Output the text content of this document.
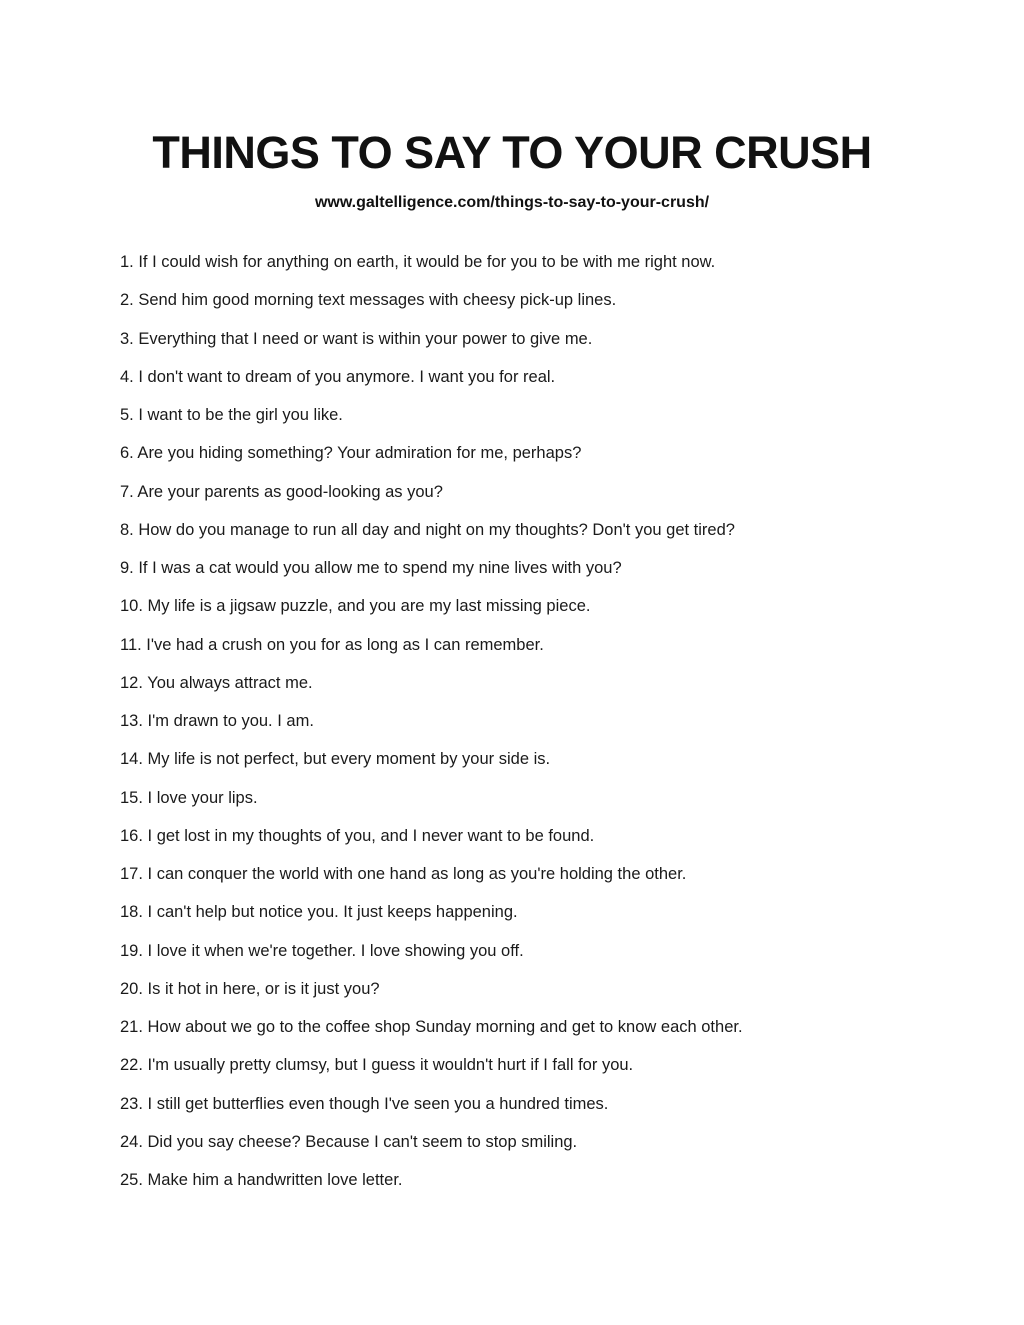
THINGS TO SAY TO YOUR CRUSH
www.galtelligence.com/things-to-say-to-your-crush/
1. If I could wish for anything on earth, it would be for you to be with me right now.
2. Send him good morning text messages with cheesy pick-up lines.
3. Everything that I need or want is within your power to give me.
4. I don't want to dream of you anymore. I want you for real.
5. I want to be the girl you like.
6. Are you hiding something? Your admiration for me, perhaps?
7. Are your parents as good-looking as you?
8. How do you manage to run all day and night on my thoughts? Don't you get tired?
9. If I was a cat would you allow me to spend my nine lives with you?
10. My life is a jigsaw puzzle, and you are my last missing piece.
11. I've had a crush on you for as long as I can remember.
12. You always attract me.
13. I'm drawn to you. I am.
14. My life is not perfect, but every moment by your side is.
15. I love your lips.
16. I get lost in my thoughts of you, and I never want to be found.
17. I can conquer the world with one hand as long as you're holding the other.
18. I can't help but notice you. It just keeps happening.
19. I love it when we're together. I love showing you off.
20. Is it hot in here, or is it just you?
21. How about we go to the coffee shop Sunday morning and get to know each other.
22. I'm usually pretty clumsy, but I guess it wouldn't hurt if I fall for you.
23. I still get butterflies even though I've seen you a hundred times.
24. Did you say cheese? Because I can't seem to stop smiling.
25. Make him a handwritten love letter.
